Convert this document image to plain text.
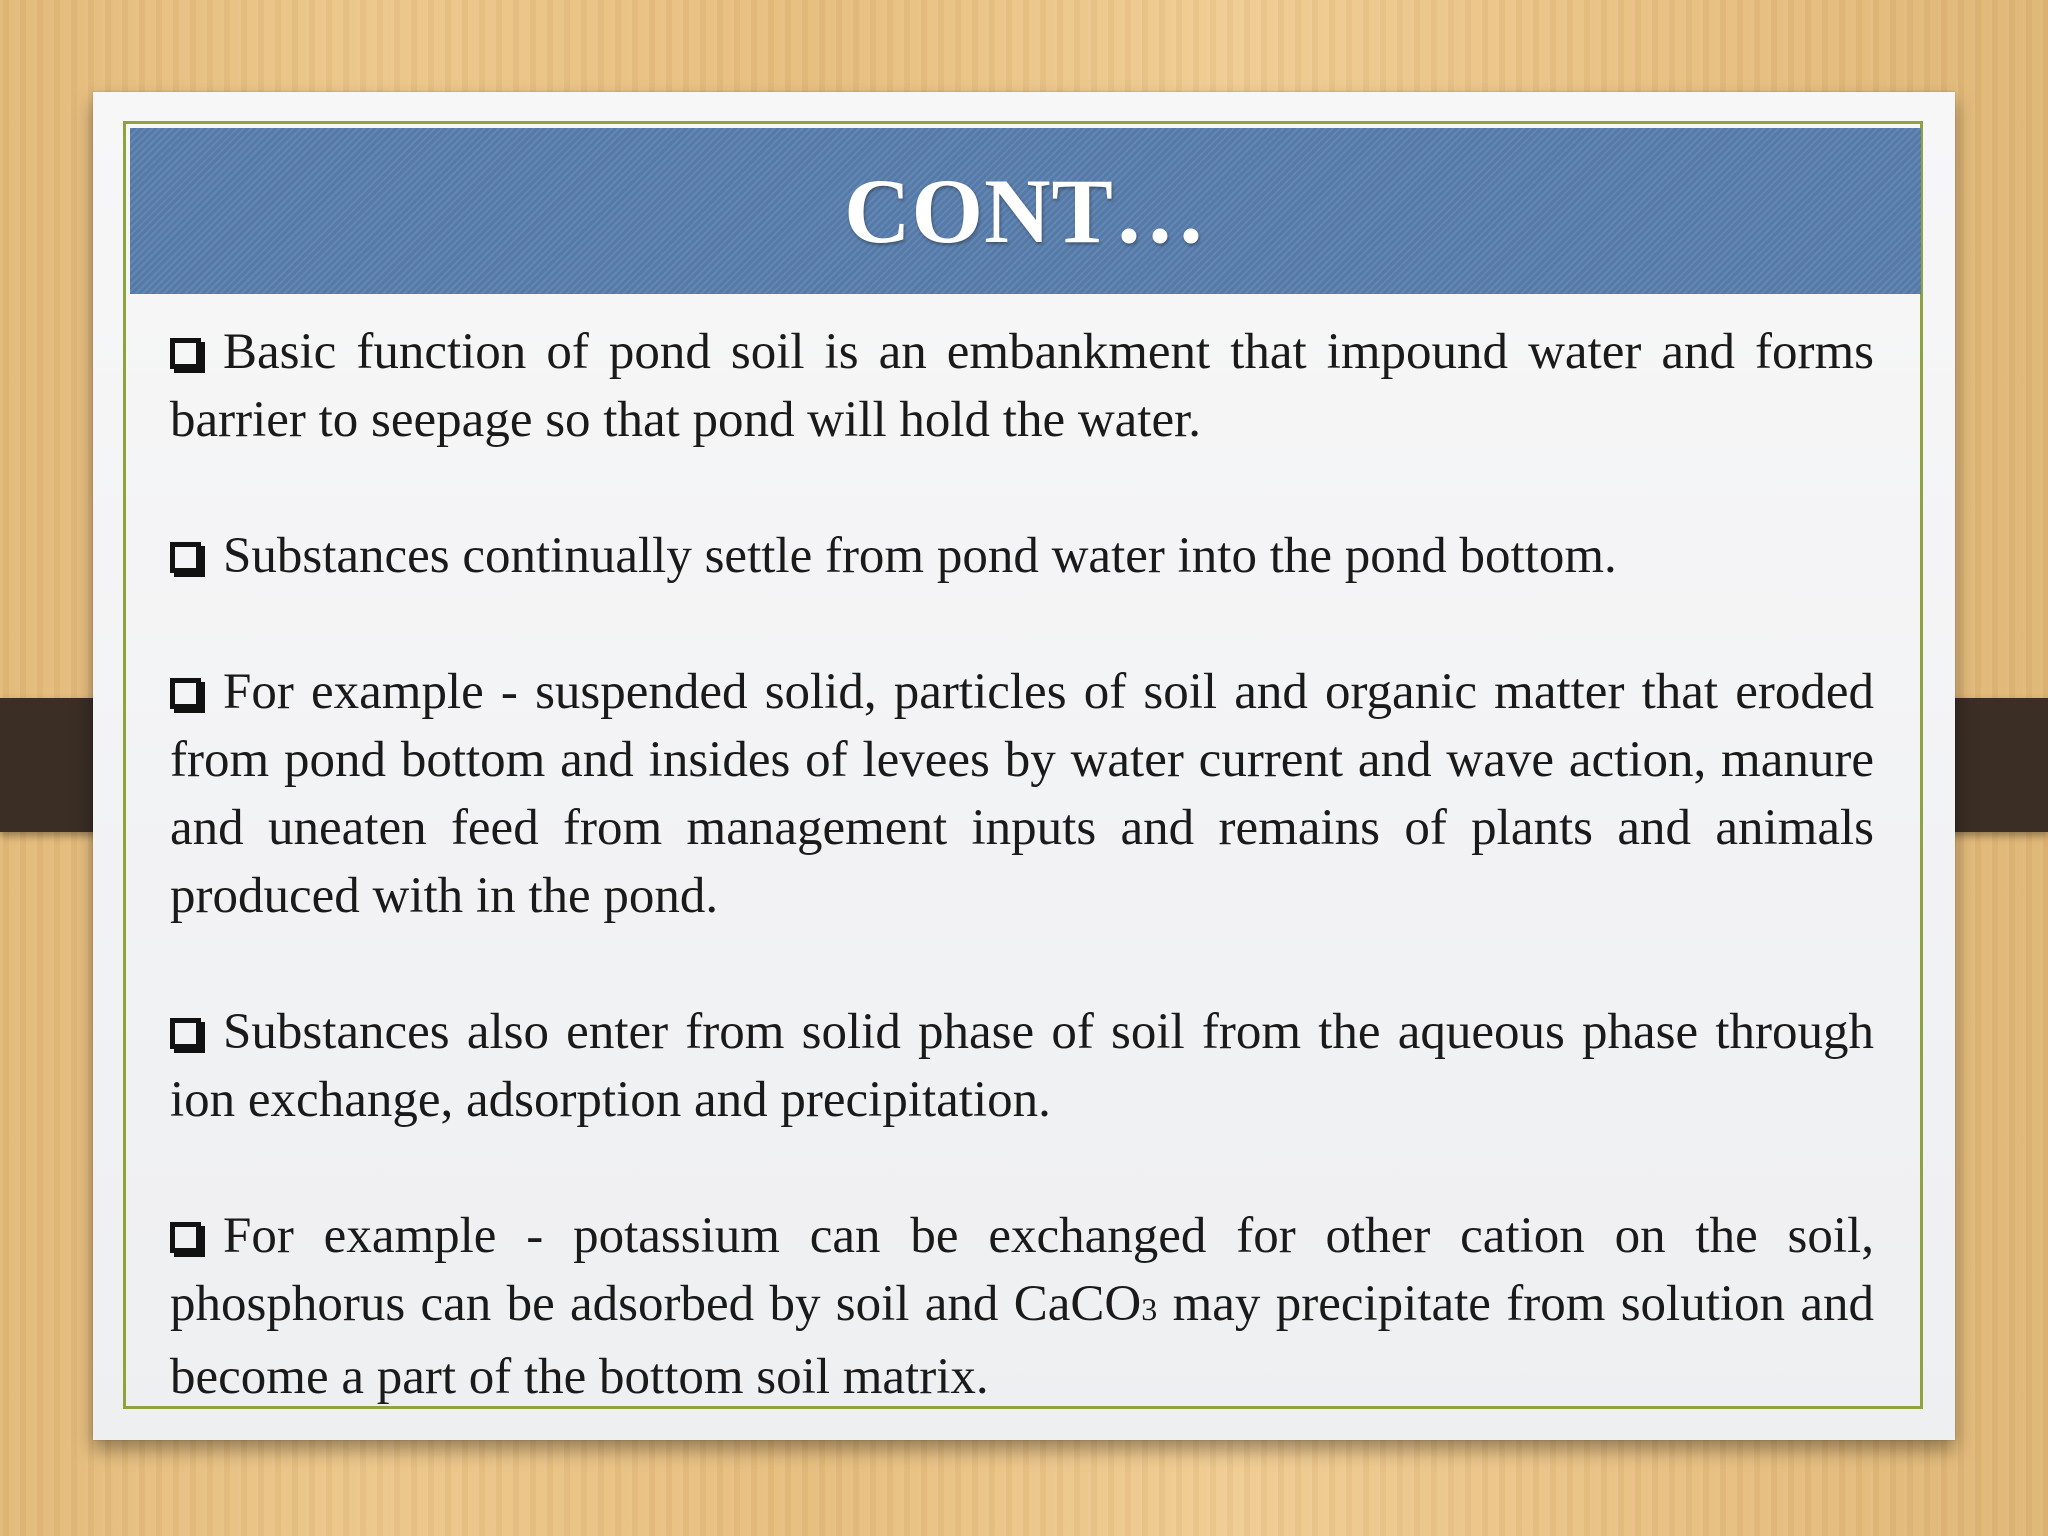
CONT…
Basic function of pond soil is an embankment that impound water and forms barrier to seepage so that pond will hold the water.
Substances continually settle from pond water into the pond bottom.
For example - suspended solid, particles of soil and organic matter that eroded from pond bottom and insides of levees by water current and wave action, manure and uneaten feed from management inputs and remains of plants and animals produced with in the pond.
Substances also enter from solid phase of soil from the aqueous phase through ion exchange, adsorption and precipitation.
For example - potassium can be exchanged for other cation on the soil, phosphorus can be adsorbed by soil and CaCO3 may precipitate from solution and become a part of the bottom soil matrix.
